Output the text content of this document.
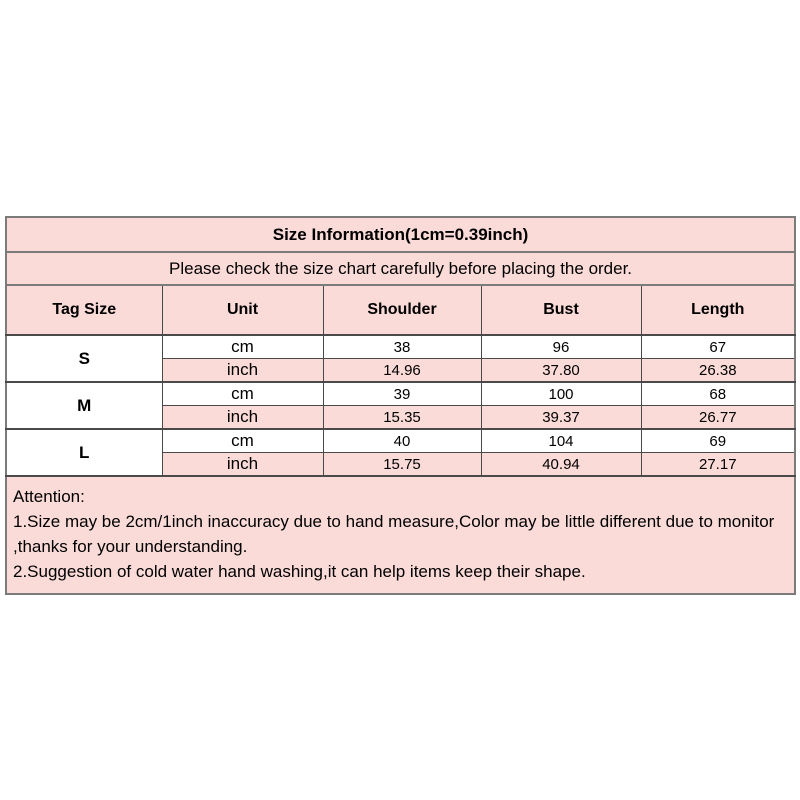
Size Information(1cm=0.39inch)				
Please check the size chart carefully before placing the order.				
Tag Size	Unit	Shoulder	Bust	Length
S	cm	38	96	67
	inch	14.96	37.80	26.38
M	cm	39	100	68
	inch	15.35	39.37	26.77
L	cm	40	104	69
	inch	15.75	40.94	27.17

Attention:
1.Size may be 2cm/1inch inaccuracy due to hand measure,Color may be little different due to monitor
,thanks for your understanding.
2.Suggestion of cold water hand washing,it can help items keep their shape.				
